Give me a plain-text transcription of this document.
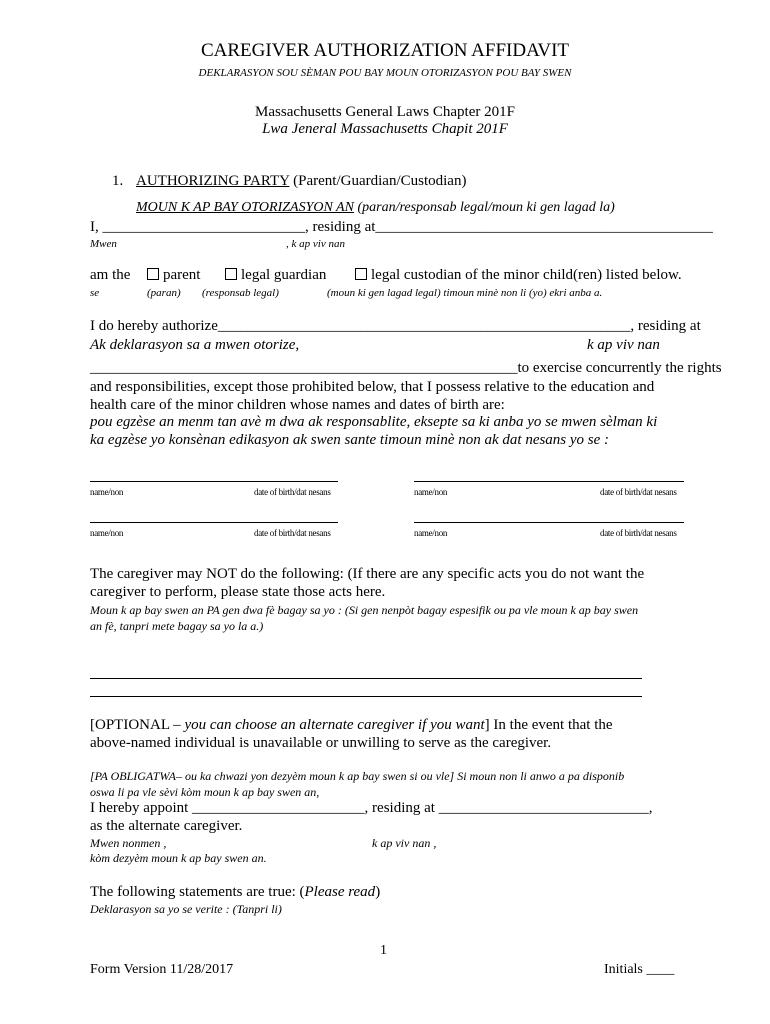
CAREGIVER AUTHORIZATION AFFIDAVIT
DEKLARASYON SOU SÈMAN POU BAY MOUN OTORIZASYON POU BAY SWEN
Massachusetts General Laws Chapter 201F
Lwa Jeneral Massachusetts Chapit 201F
1. AUTHORIZING PARTY (Parent/Guardian/Custodian)
MOUN K AP BAY OTORIZASYON AN (paran/responsab legal/moun ki gen lagad la)
I, ___________________________, residing at_____________________________________________
Mwen	, k ap viv nan
am the	parent	legal guardian	legal custodian of the minor child(ren) listed below.
se	(paran) (responsab legal)	(moun ki gen lagad legal) timoun minè non li (yo) ekri anba a.
I do hereby authorize_______________________________________________________, residing at
Ak deklarasyon sa a mwen otorize,	k ap viv nan
_________________________________________________________to exercise concurrently the rights
and responsibilities, except those prohibited below, that I possess relative to the education and
health care of the minor children whose names and dates of birth are:
pou egzèse an menm tan avè m dwa ak responsablite, eksepte sa ki anba yo se mwen sèlman ki
ka egzèse yo konsènan edikasyon ak swen sante timoun minè non ak dat nesans yo se :
name/non	date of birth/dat nesans	name/non	date of birth/dat nesans
name/non	date of birth/dat nesans	name/non	date of birth/dat nesans
The caregiver may NOT do the following: (If there are any specific acts you do not want the
caregiver to perform, please state those acts here.
Moun k ap bay swen an PA gen dwa fè bagay sa yo : (Si gen nenpòt bagay espesifik ou pa vle moun k ap bay swen
an fè, tanpri mete bagay sa yo la a.)
[OPTIONAL – you can choose an alternate caregiver if you want] In the event that the
above-named individual is unavailable or unwilling to serve as the caregiver.
[PA OBLIGATWA– ou ka chwazi yon dezyèm moun k ap bay swen si ou vle] Si moun non li anwo a pa disponib
oswa li pa vle sèvi kòm moun k ap bay swen an,
I hereby appoint _______________________, residing at ____________________________,
as the alternate caregiver.
Mwen nonmen ,	k ap viv nan ,
kòm dezyèm moun k ap bay swen an.
The following statements are true: (Please read)
Deklarasyon sa yo se verite : (Tanpri li)
1
Form Version 11/28/2017	Initials ____
